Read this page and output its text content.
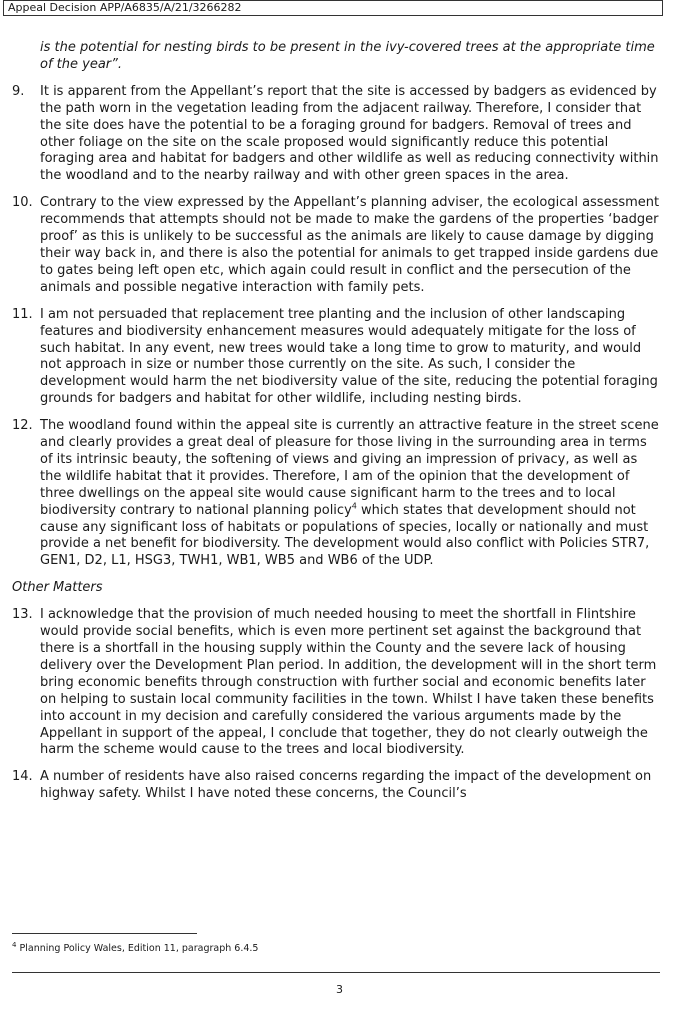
Appeal Decision APP/A6835/A/21/3266282

is the potential for nesting birds to be present in the ivy-covered trees at the appropriate time of the year”.

9.	It is apparent from the Appellant’s report that the site is accessed by badgers as evidenced by the path worn in the vegetation leading from the adjacent railway. Therefore, I consider that the site does have the potential to be a foraging ground for badgers. Removal of trees and other foliage on the site on the scale proposed would significantly reduce this potential foraging area and habitat for badgers and other wildlife as well as reducing connectivity within the woodland and to the nearby railway and with other green spaces in the area.

10. Contrary to the view expressed by the Appellant’s planning adviser, the ecological assessment recommends that attempts should not be made to make the gardens of the properties ‘badger proof’ as this is unlikely to be successful as the animals are likely to cause damage by digging their way back in, and there is also the potential for animals to get trapped inside gardens due to gates being left open etc, which again could result in conflict and the persecution of the animals and possible negative interaction with family pets.

11. I am not persuaded that replacement tree planting and the inclusion of other landscaping features and biodiversity enhancement measures would adequately mitigate for the loss of such habitat. In any event, new trees would take a long time to grow to maturity, and would not approach in size or number those currently on the site. As such, I consider the development would harm the net biodiversity value of the site, reducing the potential foraging grounds for badgers and habitat for other wildlife, including nesting birds.

12. The woodland found within the appeal site is currently an attractive feature in the street scene and clearly provides a great deal of pleasure for those living in the surrounding area in terms of its intrinsic beauty, the softening of views and giving an impression of privacy, as well as the wildlife habitat that it provides. Therefore, I am of the opinion that the development of three dwellings on the appeal site would cause significant harm to the trees and to local biodiversity contrary to national planning policy$^4$ which states that development should not cause any significant loss of habitats or populations of species, locally or nationally and must provide a net benefit for biodiversity. The development would also conflict with Policies STR7, GEN1, D2, L1, HSG3, TWH1, WB1, WB5 and WB6 of the UDP.

Other Matters
13. I acknowledge that the provision of much needed housing to meet the shortfall in Flintshire would provide social benefits, which is even more pertinent set against the background that there is a shortfall in the housing supply within the County and the severe lack of housing delivery over the Development Plan period. In addition, the development will in the short term bring economic benefits through construction with further social and economic benefits later on helping to sustain local community facilities in the town. Whilst I have taken these benefits into account in my decision and carefully considered the various arguments made by the Appellant in support of the appeal, I conclude that together, they do not clearly outweigh the harm the scheme would cause to the trees and local biodiversity.

14. A number of residents have also raised concerns regarding the impact of the development on highway safety. Whilst I have noted these concerns, the Council’s

$^4$ Planning Policy Wales, Edition 11, paragraph 6.4.5
3
